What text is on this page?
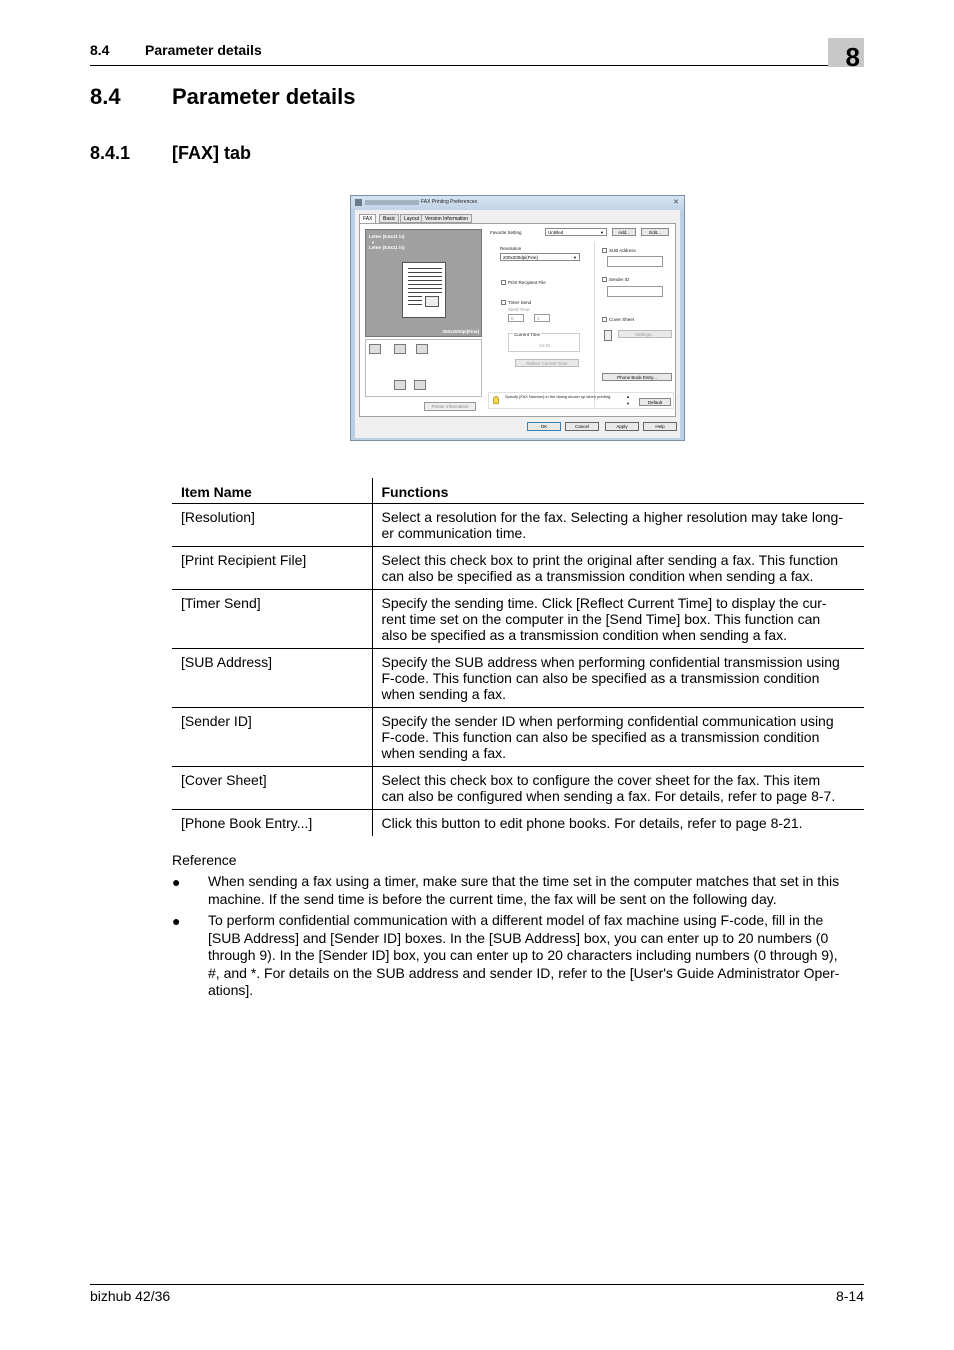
8.4	Parameter details	8
8.4 Parameter details
8.4.1 [FAX] tab
FAX Printing Preferences	✕
FAX	Basic	Layout	Version Information
Letter (8.5x11 in)
▼
Letter (8.5x11 in)
200x200dpi(Fine)
Printer Information
Favorite Setting	Untitled	▼	Add...	Edit...
Resolution
200x200dpi(Fine)	▼
Print Recipient File
Timer Send
Send Time
0	0
Current Time
12:41
Reflect Current Time
SUB Address
Sender ID
Cover Sheet
Settings...
Phone Book Entry...
Specify [FAX Number] in the dialog shown up when printing.	▲
▼	Default
OK	Cancel	Apply	Help
Item Name	Functions
[Resolution]	Select a resolution for the fax. Selecting a higher resolution may take long-
er communication time.
[Print Recipient File]	Select this check box to print the original after sending a fax. This function
can also be specified as a transmission condition when sending a fax.
[Timer Send]	Specify the sending time. Click [Reflect Current Time] to display the cur-
rent time set on the computer in the [Send Time] box. This function can
also be specified as a transmission condition when sending a fax.
[SUB Address]	Specify the SUB address when performing confidential transmission using
F-code. This function can also be specified as a transmission condition
when sending a fax.
[Sender ID]	Specify the sender ID when performing confidential communication using
F-code. This function can also be specified as a transmission condition
when sending a fax.
[Cover Sheet]	Select this check box to configure the cover sheet for the fax. This item
can also be configured when sending a fax. For details, refer to page 8-7.
[Phone Book Entry...]	Click this button to edit phone books. For details, refer to page 8-21.
Reference
● When sending a fax using a timer, make sure that the time set in the computer matches that set in this
machine. If the send time is before the current time, the fax will be sent on the following day.
● To perform confidential communication with a different model of fax machine using F-code, fill in the
[SUB Address] and [Sender ID] boxes. In the [SUB Address] box, you can enter up to 20 numbers (0
through 9). In the [Sender ID] box, you can enter up to 20 characters including numbers (0 through 9),
#, and *. For details on the SUB address and sender ID, refer to the [User's Guide Administrator Oper-
ations].
bizhub 42/36	8-14
